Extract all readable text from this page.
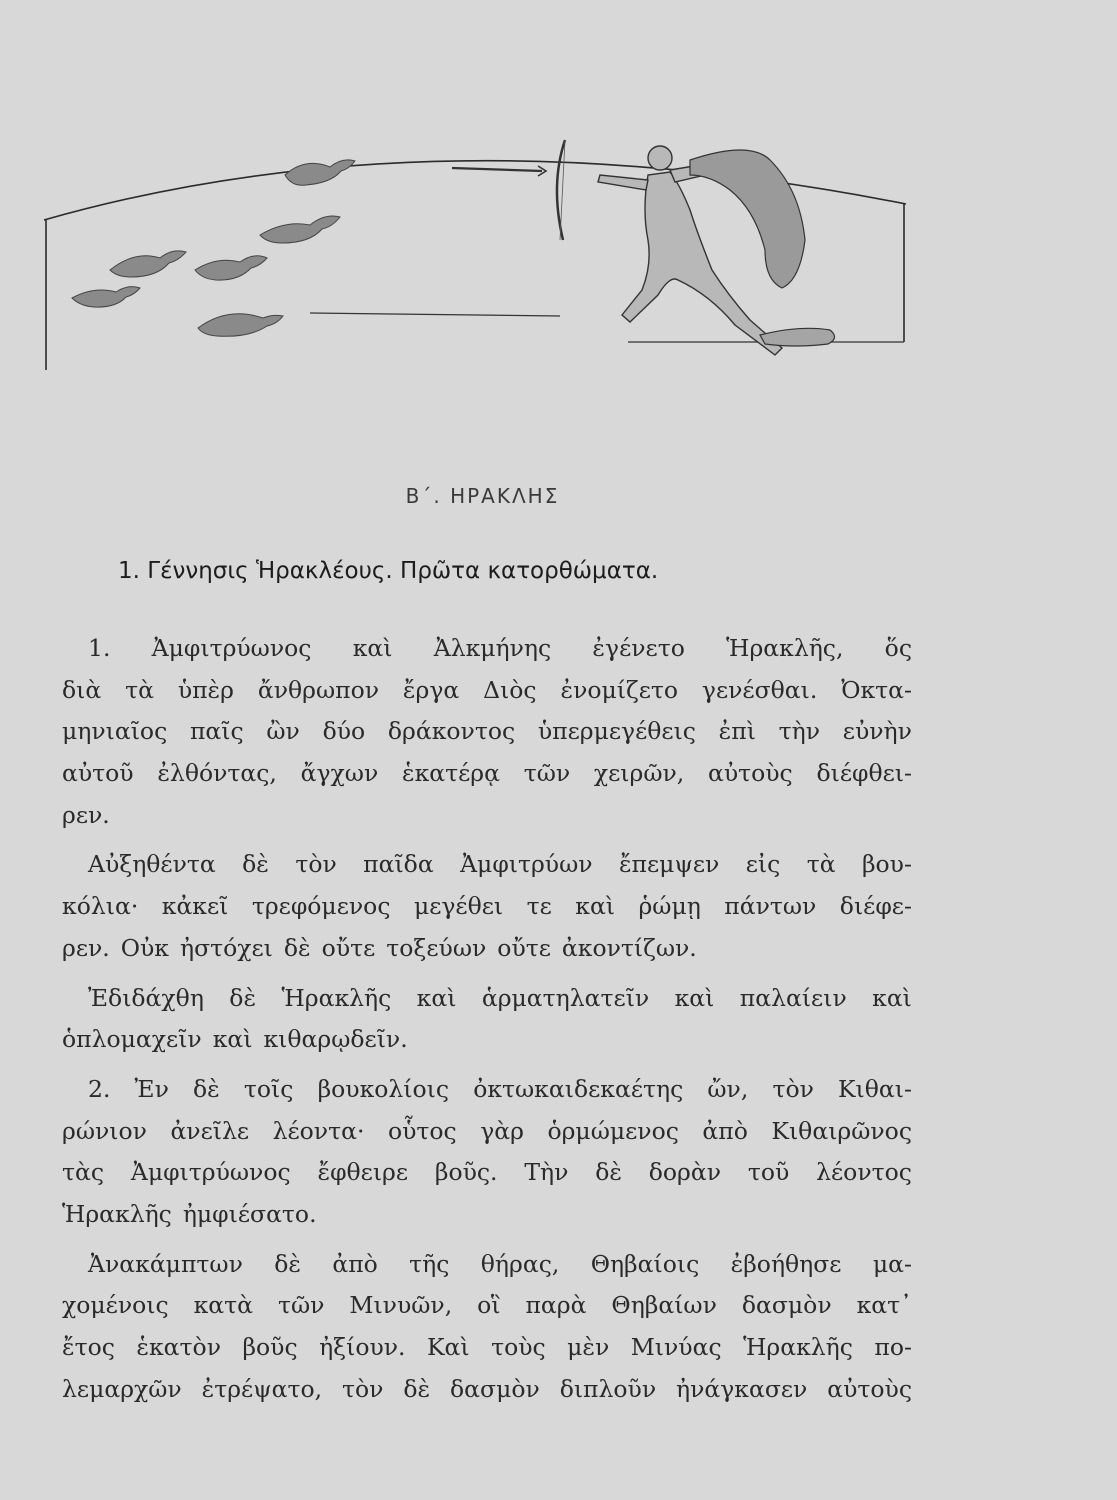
Β΄. ΗΡΑΚΛΗΣ
1. Γέννησις Ἡρακλέους. Πρῶτα κατορθώματα.
1. Ἀμφιτρύωνος καὶ Ἀλκμήνης ἐγένετο Ἡρακλῆς, ὅς
διὰ τὰ ὑπὲρ ἄνθρωπον ἔργα Διὸς ἐνομίζετο γενέσθαι. Ὀκτα-
μηνιαῖος παῖς ὢν δύο δράκοντος ὑπερμεγέθεις ἐπὶ τὴν εὐνὴν
αὐτοῦ ἐλθόντας, ἄγχων ἑκατέρᾳ τῶν χειρῶν, αὐτοὺς διέφθει-
ρεν.
Αὐξηθέντα δὲ τὸν παῖδα Ἀμφιτρύων ἔπεμψεν εἰς τὰ βου-
κόλια· κἀκεῖ τρεφόμενος μεγέθει τε καὶ ῥώμῃ πάντων διέφε-
ρεν. Οὐκ ἠστόχει δὲ οὔτε τοξεύων οὔτε ἀκοντίζων.
Ἐδιδάχθη δὲ Ἡρακλῆς καὶ ἁρματηλατεῖν καὶ παλαίειν καὶ
ὁπλομαχεῖν καὶ κιθαρῳδεῖν.
2. Ἐν δὲ τοῖς βουκολίοις ὀκτωκαιδεκαέτης ὤν, τὸν Κιθαι-
ρώνιον ἀνεῖλε λέοντα· οὗτος γὰρ ὁρμώμενος ἀπὸ Κιθαιρῶνος
τὰς Ἀμφιτρύωνος ἔφθειρε βοῦς. Τὴν δὲ δορὰν τοῦ λέοντος
Ἡρακλῆς ἠμφιέσατο.
Ἀνακάμπτων δὲ ἀπὸ τῆς θήρας, Θηβαίοις ἐβοήθησε μα-
χομένοις κατὰ τῶν Μινυῶν, οἳ παρὰ Θηβαίων δασμὸν κατ᾽
ἔτος ἑκατὸν βοῦς ἠξίουν. Καὶ τοὺς μὲν Μινύας Ἡρακλῆς πο-
λεμαρχῶν ἐτρέψατο, τὸν δὲ δασμὸν διπλοῦν ἠνάγκασεν αὐτοὺς
